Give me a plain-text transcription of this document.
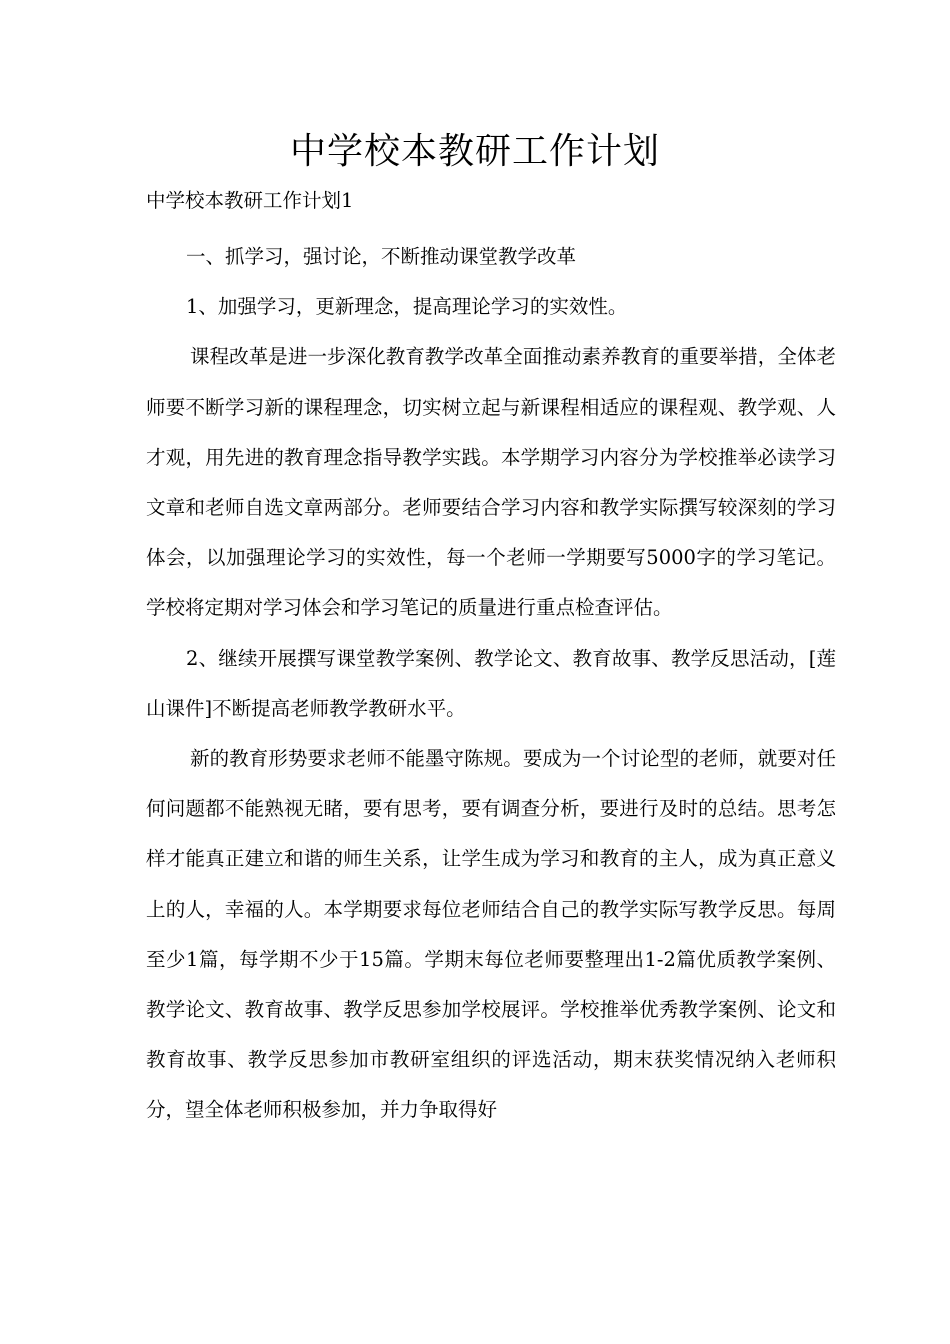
中学校本教研工作计划

中学校本教研工作计划1

一、抓学习，强讨论，不断推动课堂教学改革

1、加强学习，更新理念，提高理论学习的实效性。

课程改革是进一步深化教育教学改革全面推动素养教育的重要举措，全体老师要不断学习新的课程理念，切实树立起与新课程相适应的课程观、教学观、人才观，用先进的教育理念指导教学实践。本学期学习内容分为学校推举必读学习文章和老师自选文章两部分。老师要结合学习内容和教学实际撰写较深刻的学习体会，以加强理论学习的实效性，每一个老师一学期要写5000字的学习笔记。学校将定期对学习体会和学习笔记的质量进行重点检查评估。

2、继续开展撰写课堂教学案例、教学论文、教育故事、教学反思活动，[莲山课件]不断提高老师教学教研水平。

新的教育形势要求老师不能墨守陈规。要成为一个讨论型的老师，就要对任何问题都不能熟视无睹，要有思考，要有调查分析，要进行及时的总结。思考怎样才能真正建立和谐的师生关系，让学生成为学习和教育的主人，成为真正意义上的人，幸福的人。本学期要求每位老师结合自己的教学实际写教学反思。每周至少1篇，每学期不少于15篇。学期末每位老师要整理出1-2篇优质教学案例、教学论文、教育故事、教学反思参加学校展评。学校推举优秀教学案例、论文和教育故事、教学反思参加市教研室组织的评选活动，期末获奖情况纳入老师积分，望全体老师积极参加，并力争取得好
